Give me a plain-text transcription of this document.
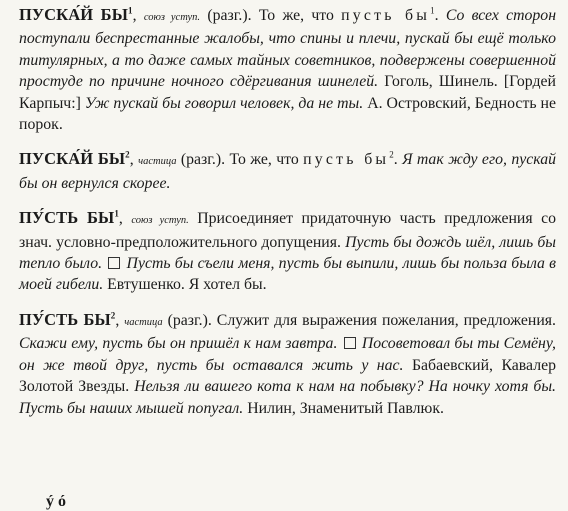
ПУСКА́Й $БЫ^1$, союз уступ. (разг.). То же, что пусть $бы^1$. Со всех сторон поступали беспрестанные жалобы, что спины и плечи, пускай бы ещё только титулярных, а то даже самых тайных советников, подвержены совершенной простуде по причине ночного сдёргивания шинелей. Гоголь, Шинель. [Гордей Карпыч:] Уж пускай бы говорил человек, да не ты. А. Островский, Бедность не порок.

ПУСКА́Й $БЫ^2$, частица (разг.). То же, что пусть $бы^2$. Я так жду его, пускай бы он вернулся скорее.

ПУ́СТЬ $БЫ^1$, союз уступ. Присоединяет придаточную часть предложения со знач. условно-предположительного допущения. Пусть бы дождь шёл, лишь бы тепло было. Пусть бы съели меня, пусть бы выпили, лишь бы польза была в моей гибели. Евтушенко. Я хотел бы.

ПУ́СТЬ $БЫ^2$, частица (разг.). Служит для выражения пожелания, предложения. Скажи ему, пусть бы он пришёл к нам завтра. Посоветовал бы ты Семёну, он же твой друг, пусть бы оставался жить у нас. Бабаевский, Кавалер Золотой Звезды. Нельзя ли вашего кота к нам на побывку? На ночку хотя бы. Пусть бы наших мышей попугал. Нилин, Знаменитый Павлюк.

ý ó
